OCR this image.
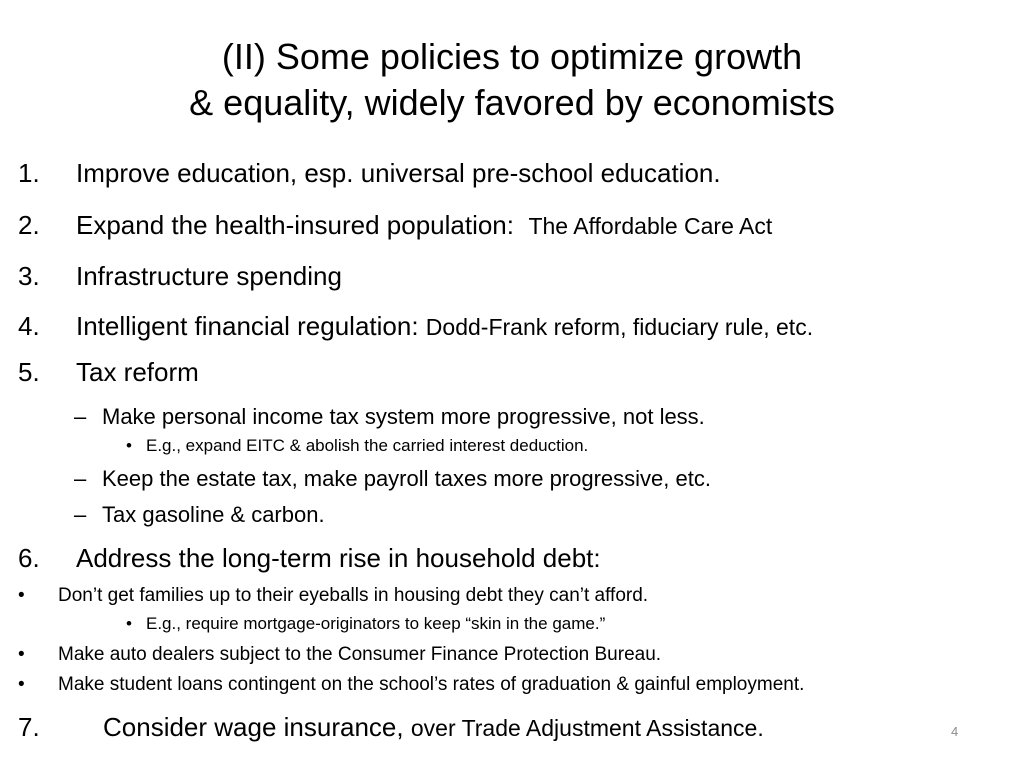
(II) Some policies to optimize growth
& equality, widely favored by economists
1. Improve education, esp. universal pre-school education.
2. Expand the health-insured population: The Affordable Care Act
3. Infrastructure spending
4. Intelligent financial regulation: Dodd-Frank reform, fiduciary rule, etc.
5. Tax reform
– Make personal income tax system more progressive, not less.
• E.g., expand EITC & abolish the carried interest deduction.
– Keep the estate tax, make payroll taxes more progressive, etc.
– Tax gasoline & carbon.
6. Address the long-term rise in household debt:
• Don’t get families up to their eyeballs in housing debt they can’t afford.
• E.g., require mortgage-originators to keep “skin in the game.”
• Make auto dealers subject to the Consumer Finance Protection Bureau.
• Make student loans contingent on the school’s rates of graduation & gainful employment.
7. Consider wage insurance, over Trade Adjustment Assistance.	4
